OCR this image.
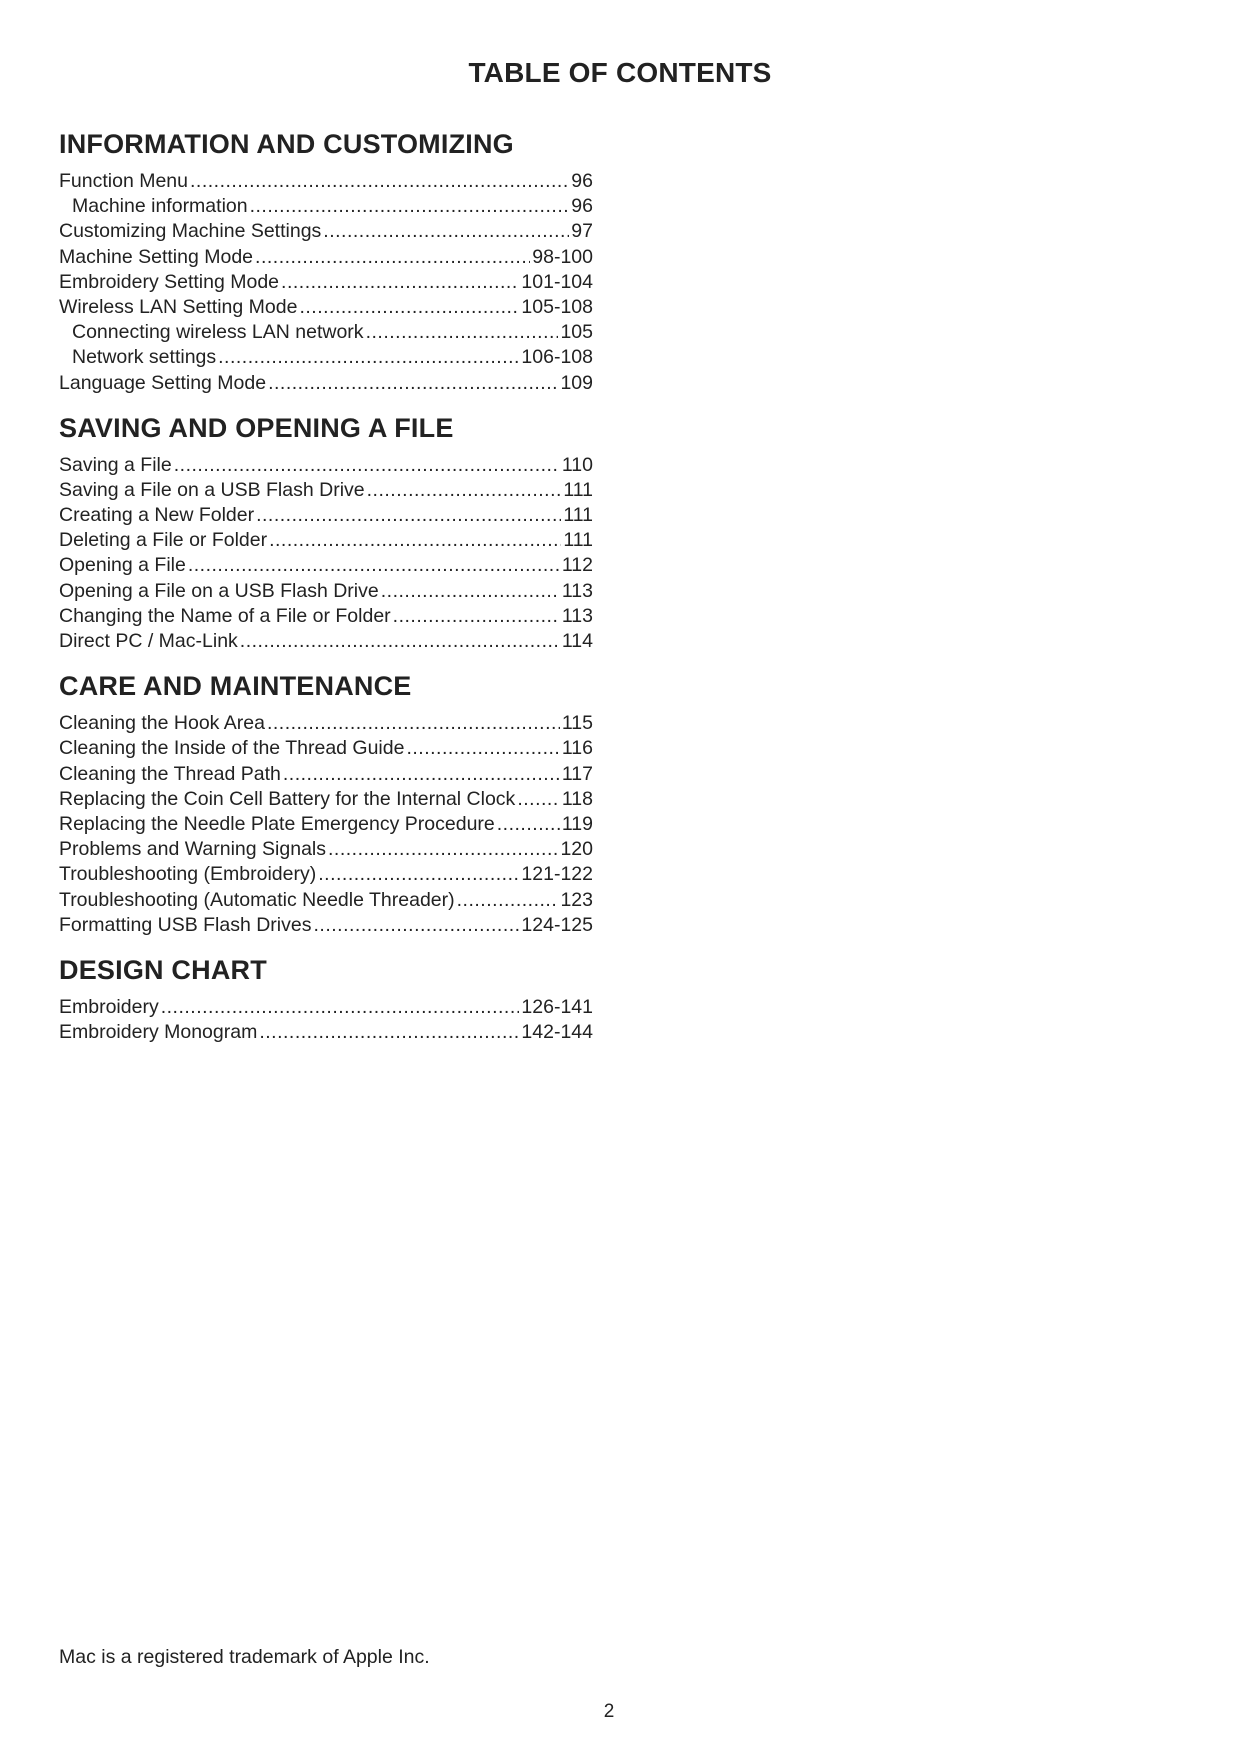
TABLE OF CONTENTS
INFORMATION AND CUSTOMIZING
Function Menu .....	96
Machine information .....	96
Customizing Machine Settings .....	97
Machine Setting Mode .....	98-100
Embroidery Setting Mode .....	101-104
Wireless LAN Setting Mode .....	105-108
Connecting wireless LAN network .....	105
Network settings .....	106-108
Language Setting Mode .....	109
SAVING AND OPENING A FILE
Saving a File .....	110
Saving a File on a USB Flash Drive .....	111
Creating a New Folder .....	111
Deleting a File or Folder .....	111
Opening a File .....	112
Opening a File on a USB Flash Drive .....	113
Changing the Name of a File or Folder .....	113
Direct PC / Mac-Link .....	114
CARE AND MAINTENANCE
Cleaning the Hook Area .....	115
Cleaning the Inside of the Thread Guide .....	116
Cleaning the Thread Path .....	117
Replacing the Coin Cell Battery for the Internal Clock ..... 118
Replacing the Needle Plate Emergency Procedure .....	119
Problems and Warning Signals .....	120
Troubleshooting (Embroidery) .....	121-122
Troubleshooting (Automatic Needle Threader) .....	123
Formatting USB Flash Drives .....	124-125
DESIGN CHART
Embroidery .....	126-141
Embroidery Monogram .....	142-144

Mac is a registered trademark of Apple Inc.

2
